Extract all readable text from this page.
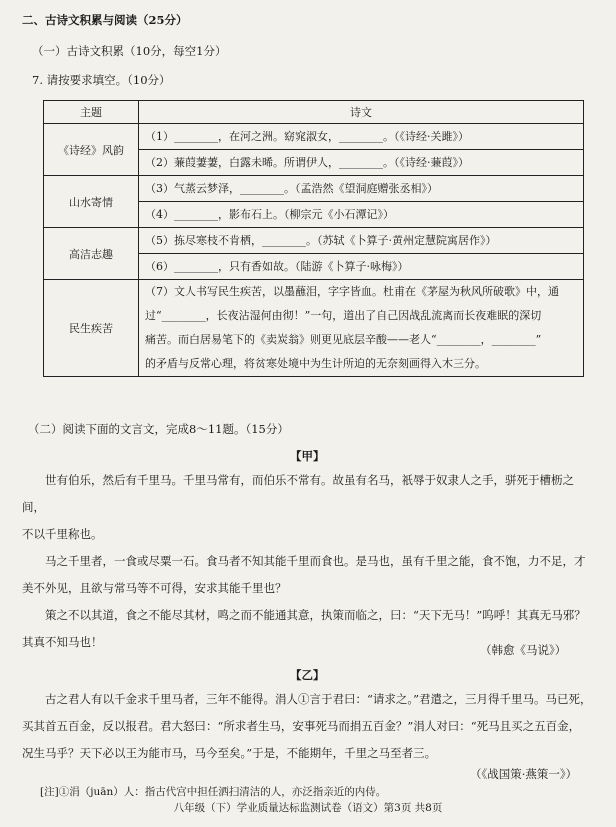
二、古诗文积累与阅读（25分）
（一）古诗文积累（10分，每空1分）
7. 请按要求填空。（10分）
主题	诗文
《诗经》风韵	（1）________，在河之洲。窈窕淑女，________。（《诗经·关雎》）
	（2）蒹葭萋萋，白露未晞。所谓伊人，________。（《诗经·蒹葭》）
山水寄情	（3）气蒸云梦泽，________。（孟浩然《望洞庭赠张丞相》）
	（4）________，影布石上。（柳宗元《小石潭记》）
高洁志趣	（5）拣尽寒枝不肯栖，________。（苏轼《卜算子·黄州定慧院寓居作》）
	（6）________，只有香如故。（陆游《卜算子·咏梅》）
民生疾苦	（7）文人书写民生疾苦，以墨蘸泪，字字皆血。杜甫在《茅屋为秋风所破歌》中，通
过“________，长夜沾湿何由彻！”一句，道出了自己因战乱流离而长夜难眠的深切
痛苦。而白居易笔下的《卖炭翁》则更见底层辛酸——老人“________，________”
的矛盾与反常心理，将贫寒处境中为生计所迫的无奈刻画得入木三分。
（二）阅读下面的文言文，完成8～11题。（15分）
【甲】
世有伯乐，然后有千里马。千里马常有，而伯乐不常有。故虽有名马，祇辱于奴隶人之手，骈死于槽枥之间，
不以千里称也。
马之千里者，一食或尽粟一石。食马者不知其能千里而食也。是马也，虽有千里之能，食不饱，力不足，才
美不外见，且欲与常马等不可得，安求其能千里也？
策之不以其道，食之不能尽其材，鸣之而不能通其意，执策而临之，曰：“天下无马！”呜呼！其真无马邪？
其真不知马也！
（韩愈《马说》）
【乙】
古之君人有以千金求千里马者，三年不能得。涓人①言于君曰：“请求之。”君遣之，三月得千里马。马已死，
买其首五百金，反以报君。君大怒曰：“所求者生马，安事死马而捐五百金？”涓人对曰：“死马且买之五百金，
况生马乎？天下必以王为能市马，马今至矣。”于是，不能期年，千里之马至者三。
（《战国策·燕策一》）
[注]①涓（juān）人：指古代宫中担任洒扫清洁的人，亦泛指亲近的内侍。
八年级（下）学业质量达标监测试卷（语文）第3页 共8页
